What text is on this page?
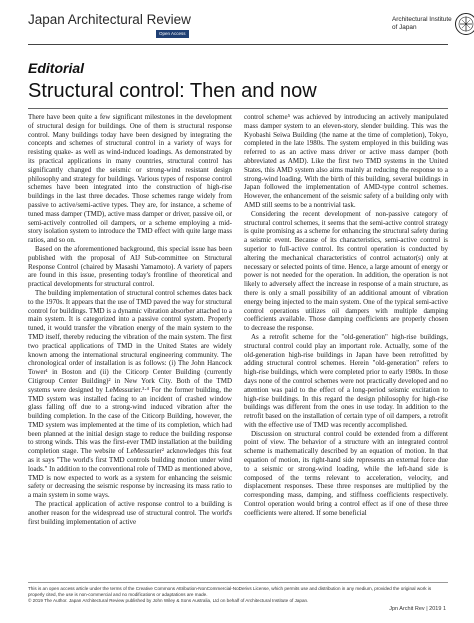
Japan Architectural Review
Open Access
Architectural Institute of Japan
Editorial
Structural control: Then and now

There have been quite a few significant milestones in the development of structural design for buildings. One of them is structural response control. Many buildings today have been designed by integrating the concepts and schemes of structural control in a variety of ways for resisting quake- as well as wind-induced loadings. As demonstrated by its practical applications in many countries, structural control has significantly changed the seismic or strong-wind resistant design philosophy and strategy for buildings. Various types of response control schemes have been integrated into the construction of high-rise buildings in the last three decades. Those schemes range widely from passive to active/semi-active types. They are, for instance, a scheme of tuned mass damper (TMD), active mass damper or driver, passive oil, or semi-actively controlled oil dampers, or a scheme employing a mid-story isolation system to introduce the TMD effect with quite large mass ratios, and so on.

Based on the aforementioned background, this special issue has been published with the proposal of AIJ Sub-committee on Structural Response Control (chaired by Masashi Yamamoto). A variety of papers are found in this issue, presenting today's frontline of theoretical and practical developments for structural control.

The building implementation of structural control schemes dates back to the 1970s. It appears that the use of TMD paved the way for structural control for buildings. TMD is a dynamic vibration absorber attached to a main system. It is categorized into a passive control system. Properly tuned, it would transfer the vibration energy of the main system to the TMD itself, thereby reducing the vibration of the main system. The first two practical applications of TMD in the United States are widely known among the international structural engineering community. The chronological order of installation is as follows: (i) The John Hancock Tower¹ in Boston and (ii) the Citicorp Center Building (currently Citigroup Center Building)² in New York City. Both of the TMD systems were designed by LeMessurier.³·⁴ For the former building, the TMD system was installed facing to an incident of crashed window glass falling off due to a strong-wind induced vibration after the building completion. In the case of the Citicorp Building, however, the TMD system was implemented at the time of its completion, which had been planned at the initial design stage to reduce the building response to strong winds. This was the first-ever TMD installation at the building completion stage. The website of LeMessurier² acknowledges this feat as it says "The world's first TMD controls building motion under wind loads." In addition to the conventional role of TMD as mentioned above, TMD is now expected to work as a system for enhancing the seismic safety or decreasing the seismic response by increasing its mass ratio to a main system in some ways.

The practical application of active response control to a building is another reason for the widespread use of structural control. The world's first building implementation of active

control scheme⁵ was achieved by introducing an actively manipulated mass damper system to an eleven-story, slender building. This was the Kyobashi Seiwa Building (the name at the time of completion), Tokyo, completed in the late 1980s. The system employed in this building was referred to as an active mass driver or active mass damper (both abbreviated as AMD). Like the first two TMD systems in the United States, this AMD system also aims mainly at reducing the response to a strong-wind loading. With the birth of this building, several buildings in Japan followed the implementation of AMD-type control schemes. However, the enhancement of the seismic safety of a building only with AMD still seems to be a nontrivial task.

Considering the recent development of non-passive category of structural control schemes, it seems that the semi-active control strategy is quite promising as a scheme for enhancing the structural safety during a seismic event. Because of its characteristics, semi-active control is superior to full-active control. Its control operation is conducted by altering the mechanical characteristics of control actuator(s) only at necessary or selected points of time. Hence, a large amount of energy or power is not needed for the operation. In addition, the operation is not likely to adversely affect the increase in response of a main structure, as there is only a small possibility of an additional amount of vibration energy being injected to the main system. One of the typical semi-active control operations utilizes oil dampers with multiple damping coefficients available. Those damping coefficients are properly chosen to decrease the response.

As a retrofit scheme for the "old-generation" high-rise buildings, structural control could play an important role. Actually, some of the old-generation high-rise buildings in Japan have been retrofitted by adding structural control schemes. Herein "old-generation" refers to high-rise buildings, which were completed prior to early 1980s. In those days none of the control schemes were not practically developed and no attention was paid to the effect of a long-period seismic excitation to high-rise buildings. In this regard the design philosophy for high-rise buildings was different from the ones in use today. In addition to the retrofit based on the installation of certain type of oil dampers, a retrofit with the effective use of TMD was recently accomplished.

Discussion on structural control could be extended from a different point of view. The behavior of a structure with an integrated control scheme is mathematically described by an equation of motion. In that equation of motion, its right-hand side represents an external force due to a seismic or strong-wind loading, while the left-hand side is composed of the terms relevant to acceleration, velocity, and displacement responses. These three responses are multiplied by the corresponding mass, damping, and stiffness coefficients respectively. Control operation would bring a control effect as if one of these three coefficients were altered. If some beneficial

This is an open access article under the terms of the Creative Commons Attribution-NonCommercial-NoDerivs License, which permits use and distribution in any medium, provided the original work is properly cited, the use is non-commercial and no modifications or adaptations are made.
© 2019 The Author. Japan Architectural Review published by John Wiley & Sons Australia, Ltd on behalf of Architectural Institute of Japan.
Jpn Archit Rev | 2019 1
